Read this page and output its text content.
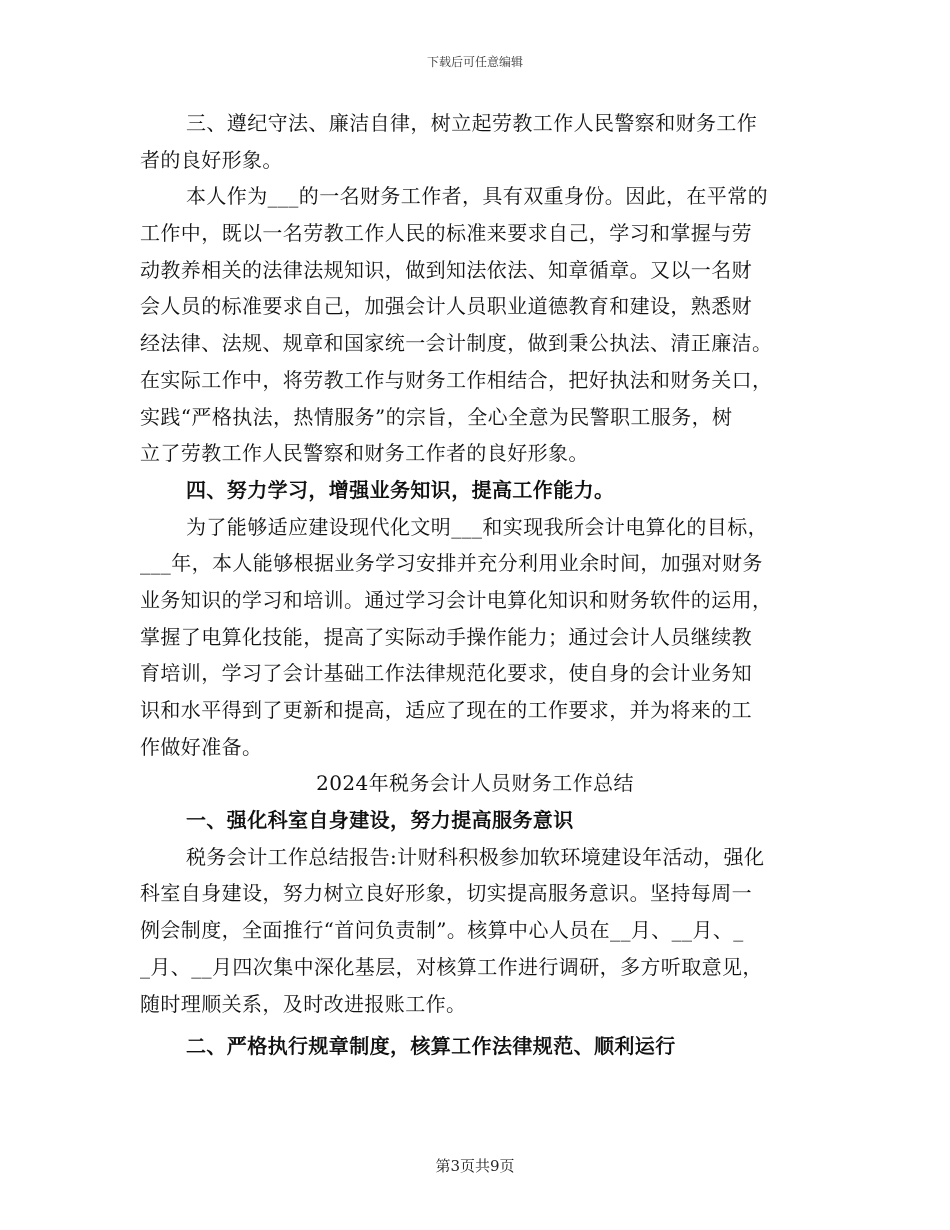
下载后可任意编辑
三、遵纪守法、廉洁自律，树立起劳教工作人民警察和财务工作
者的良好形象。
本人作为___的一名财务工作者，具有双重身份。因此，在平常的
工作中，既以一名劳教工作人民的标准来要求自己，学习和掌握与劳
动教养相关的法律法规知识，做到知法依法、知章循章。又以一名财
会人员的标准要求自己，加强会计人员职业道德教育和建设，熟悉财
经法律、法规、规章和国家统一会计制度，做到秉公执法、清正廉洁。
在实际工作中，将劳教工作与财务工作相结合，把好执法和财务关口，
实践“严格执法，热情服务”的宗旨，全心全意为民警职工服务，树
立了劳教工作人民警察和财务工作者的良好形象。
四、努力学习，增强业务知识，提高工作能力。
为了能够适应建设现代化文明___和实现我所会计电算化的目标，
___年，本人能够根据业务学习安排并充分利用业余时间，加强对财务
业务知识的学习和培训。通过学习会计电算化知识和财务软件的运用，
掌握了电算化技能，提高了实际动手操作能力；通过会计人员继续教
育培训，学习了会计基础工作法律规范化要求，使自身的会计业务知
识和水平得到了更新和提高，适应了现在的工作要求，并为将来的工
作做好准备。
2024年税务会计人员财务工作总结
一、强化科室自身建设，努力提高服务意识
税务会计工作总结报告:计财科积极参加软环境建设年活动，强化
科室自身建设，努力树立良好形象，切实提高服务意识。坚持每周一
例会制度，全面推行“首问负责制”。核算中心人员在__月、__月、_
_月、__月四次集中深化基层，对核算工作进行调研，多方听取意见，
随时理顺关系，及时改进报账工作。
二、严格执行规章制度，核算工作法律规范、顺利运行
第3页共9页
